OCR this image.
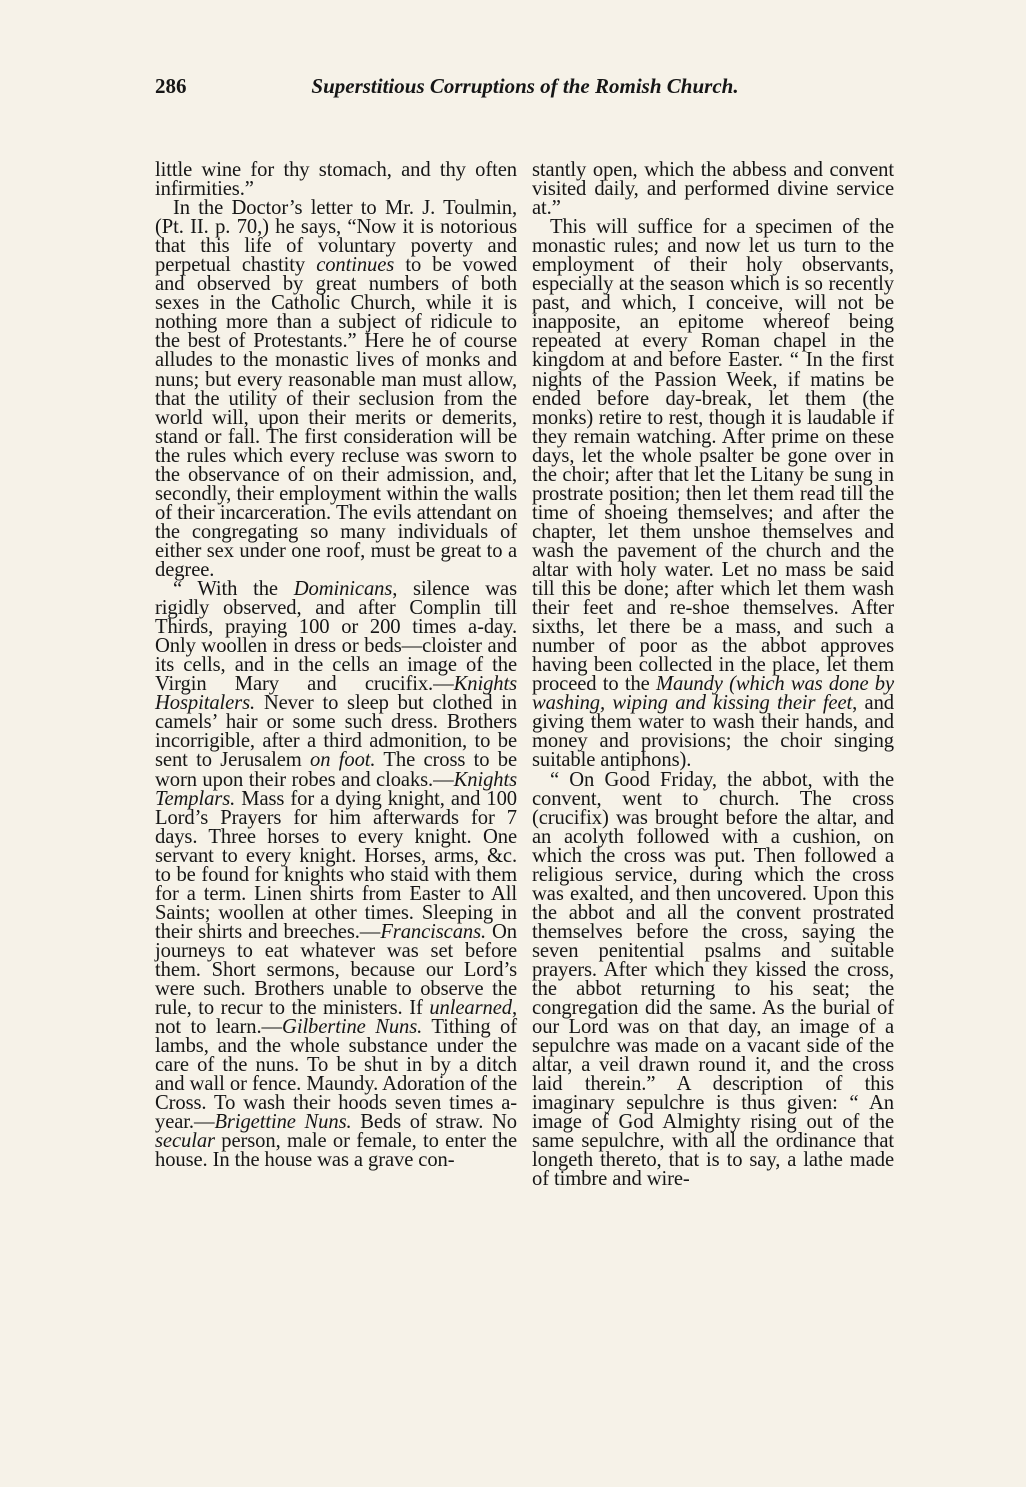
286	Superstitious Corruptions of the Romish Church.

little wine for thy stomach, and thy often infirmities.”

In the Doctor’s letter to Mr. J. Toulmin, (Pt. II. p. 70,) he says, “Now it is notorious that this life of voluntary poverty and perpetual chastity continues to be vowed and observed by great numbers of both sexes in the Catholic Church, while it is nothing more than a subject of ridicule to the best of Protestants.” Here he of course alludes to the monastic lives of monks and nuns; but every reasonable man must allow, that the utility of their seclusion from the world will, upon their merits or demerits, stand or fall. The first consideration will be the rules which every recluse was sworn to the observance of on their admission, and, secondly, their employment within the walls of their incarceration. The evils attendant on the congregating so many individuals of either sex under one roof, must be great to a degree.

“ With the Dominicans, silence was rigidly observed, and after Complin till Thirds, praying 100 or 200 times a-day. Only woollen in dress or beds—cloister and its cells, and in the cells an image of the Virgin Mary and crucifix.—Knights Hospitalers. Never to sleep but clothed in camels’ hair or some such dress. Brothers incorrigible, after a third admonition, to be sent to Jerusalem on foot. The cross to be worn upon their robes and cloaks.—Knights Templars. Mass for a dying knight, and 100 Lord’s Prayers for him afterwards for 7 days. Three horses to every knight. One servant to every knight. Horses, arms, &c. to be found for knights who staid with them for a term. Linen shirts from Easter to All Saints; woollen at other times. Sleeping in their shirts and breeches.—Franciscans. On journeys to eat whatever was set before them. Short sermons, because our Lord’s were such. Brothers unable to observe the rule, to recur to the ministers. If unlearned, not to learn.—Gilbertine Nuns. Tithing of lambs, and the whole substance under the care of the nuns. To be shut in by a ditch and wall or fence. Maundy. Adoration of the Cross. To wash their hoods seven times a-year.—Brigettine Nuns. Beds of straw. No secular person, male or female, to enter the house. In the house was a grave con-

stantly open, which the abbess and convent visited daily, and performed divine service at.”

This will suffice for a specimen of the monastic rules; and now let us turn to the employment of their holy observants, especially at the season which is so recently past, and which, I conceive, will not be inapposite, an epitome whereof being repeated at every Roman chapel in the kingdom at and before Easter. “ In the first nights of the Passion Week, if matins be ended before day-break, let them (the monks) retire to rest, though it is laudable if they remain watching. After prime on these days, let the whole psalter be gone over in the choir; after that let the Litany be sung in prostrate position; then let them read till the time of shoeing themselves; and after the chapter, let them unshoe themselves and wash the pavement of the church and the altar with holy water. Let no mass be said till this be done; after which let them wash their feet and re-shoe themselves. After sixths, let there be a mass, and such a number of poor as the abbot approves having been collected in the place, let them proceed to the Maundy (which was done by washing, wiping and kissing their feet, and giving them water to wash their hands, and money and provisions; the choir singing suitable antiphons).

“ On Good Friday, the abbot, with the convent, went to church. The cross (crucifix) was brought before the altar, and an acolyth followed with a cushion, on which the cross was put. Then followed a religious service, during which the cross was exalted, and then uncovered. Upon this the abbot and all the convent prostrated themselves before the cross, saying the seven penitential psalms and suitable prayers. After which they kissed the cross, the abbot returning to his seat; the congregation did the same. As the burial of our Lord was on that day, an image of a sepulchre was made on a vacant side of the altar, a veil drawn round it, and the cross laid therein.” A description of this imaginary sepulchre is thus given: “ An image of God Almighty rising out of the same sepulchre, with all the ordinance that longeth thereto, that is to say, a lathe made of timbre and wire-
